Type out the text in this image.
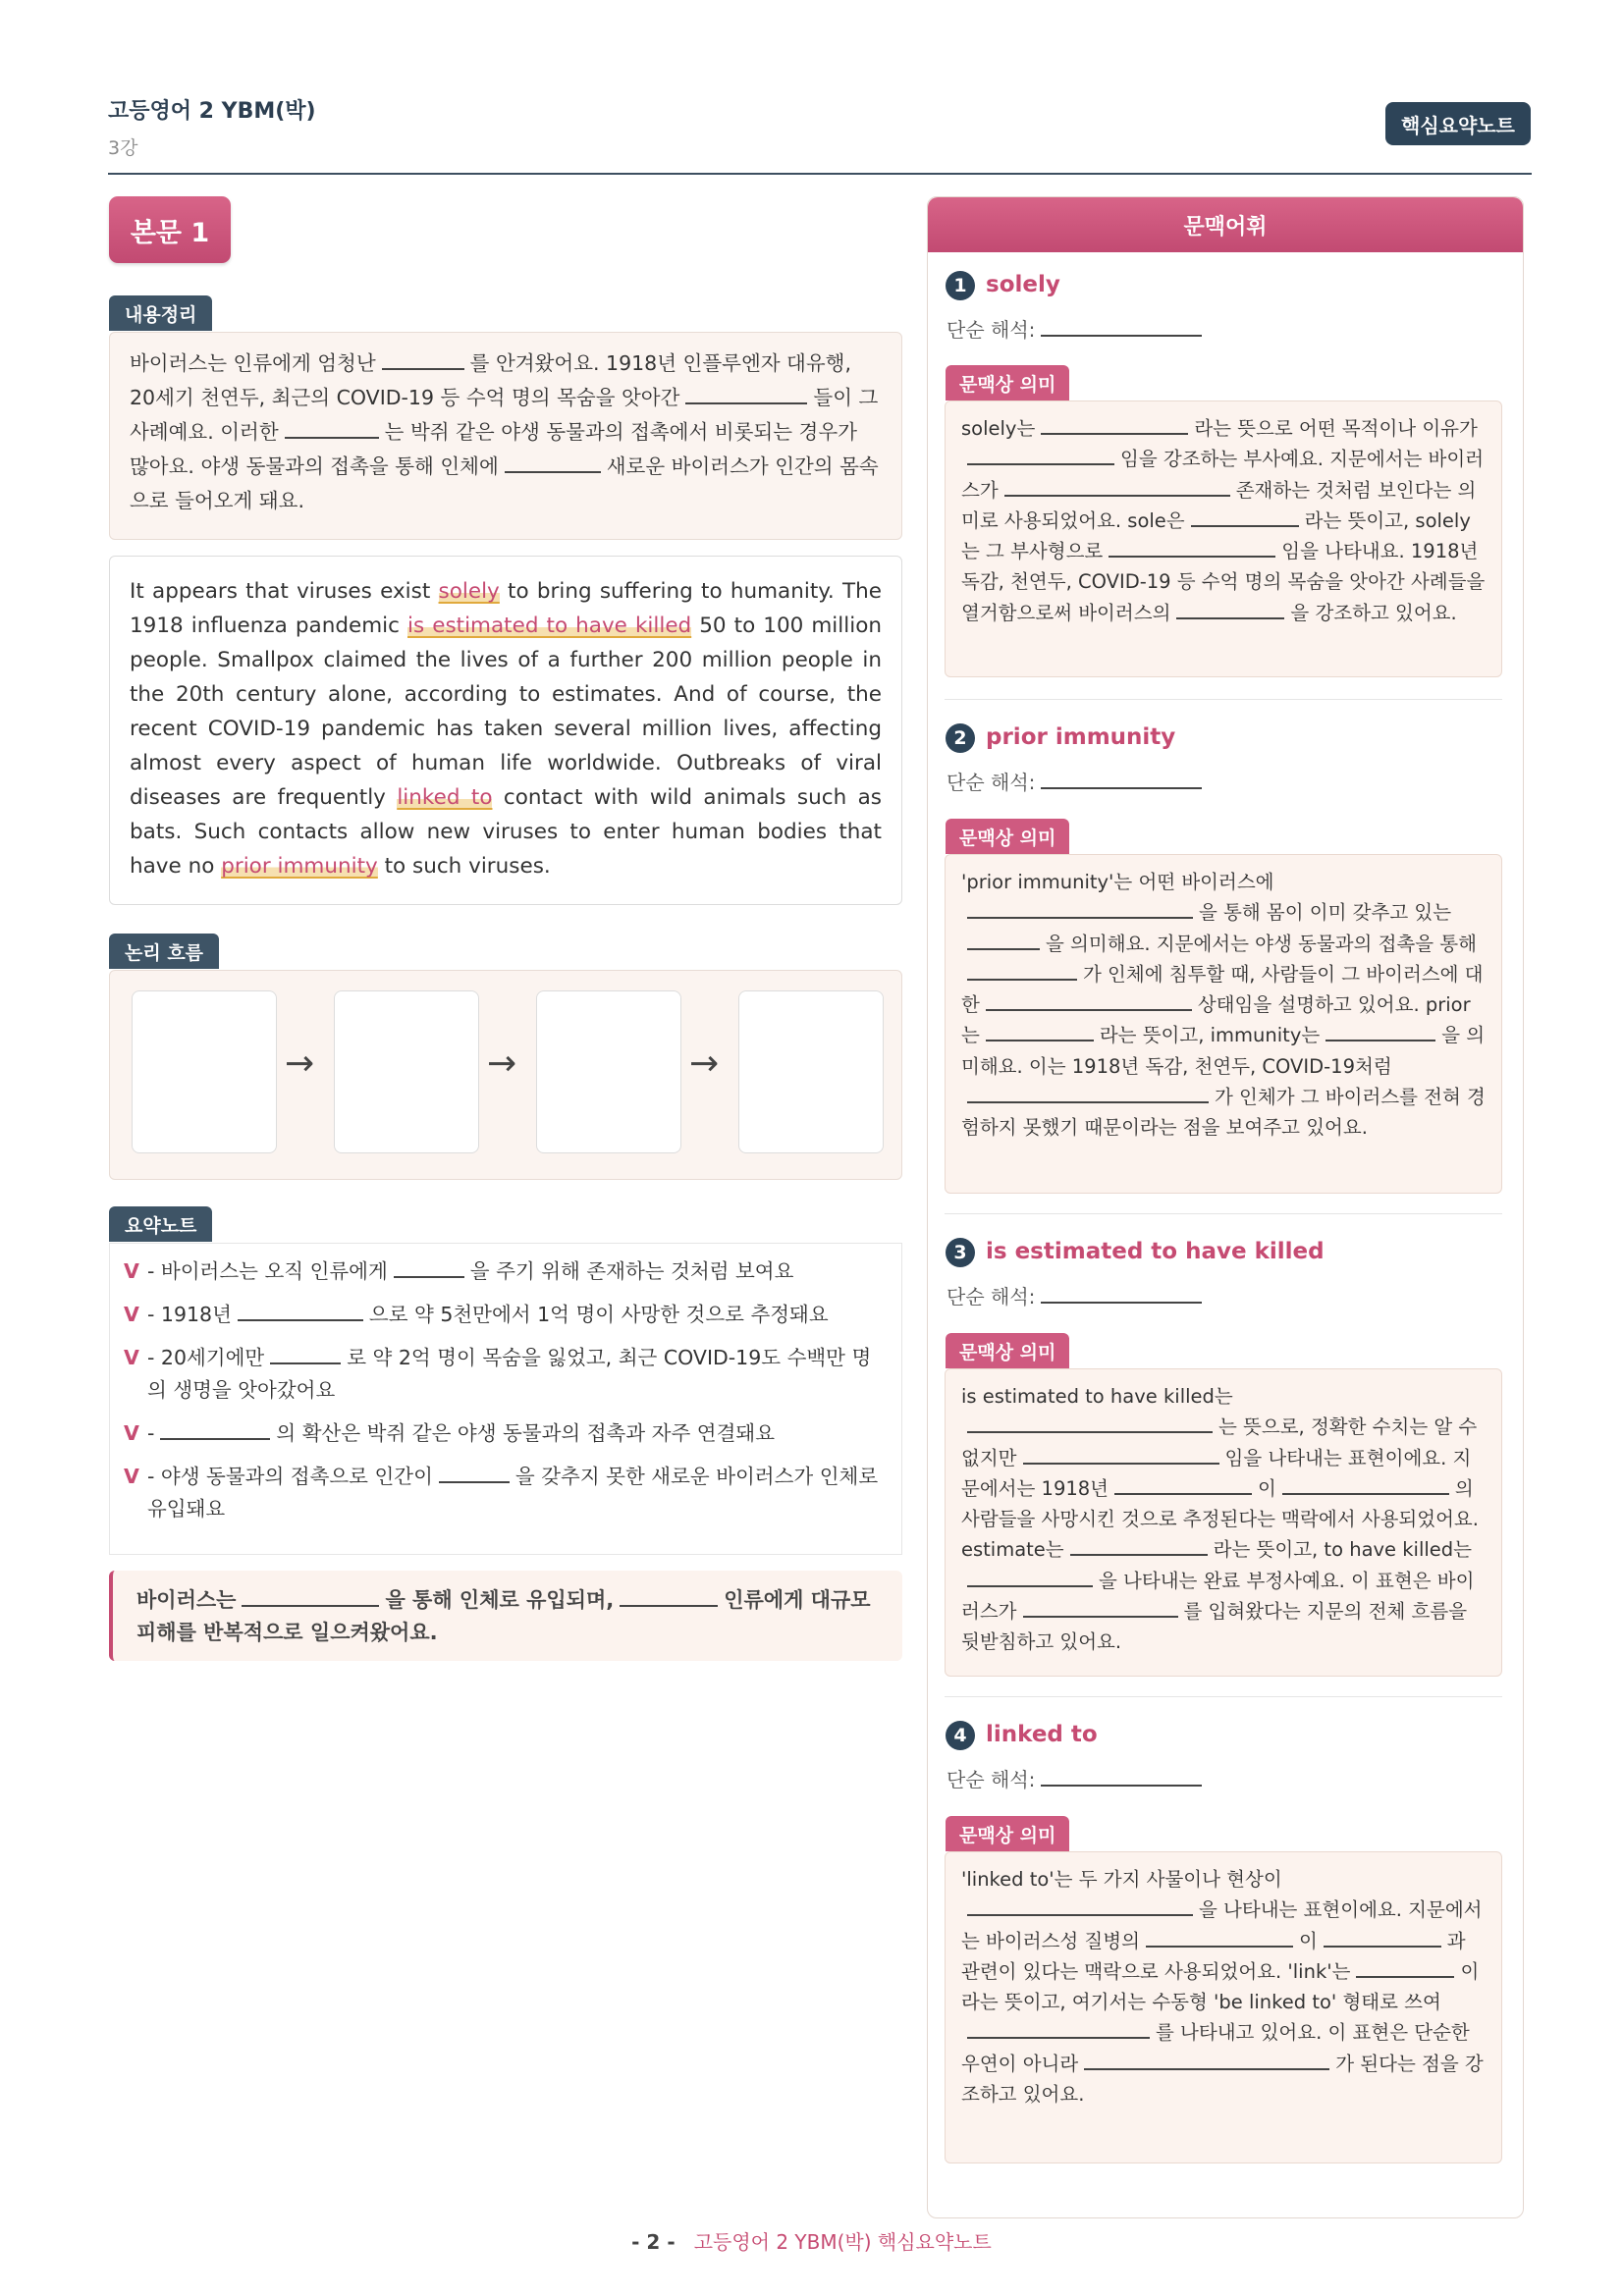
고등영어 2 YBM(박)
3강
핵심요약노트
본문 1
내용정리
바이러스는 인류에게 엄청난	를 안겨왔어요. 1918년 인플루엔자 대유행, 20세기 천연두, 최근의 COVID-19 등 수억 명의 목숨을 앗아간	들이 그 사례예요. 이러한	는 박쥐 같은 야생 동물과의 접촉에서 비롯되는 경우가 많아요. 야생 동물과의 접촉을 통해 인체에	새로운 바이러스가 인간의 몸속으로 들어오게 돼요.
It appears that viruses exist solely to bring suffering to humanity. The 1918 influenza pandemic is estimated to have killed 50 to 100 million people. Smallpox claimed the lives of a further 200 million people in the 20th century alone, according to estimates. And of course, the recent COVID-19 pandemic has taken several million lives, affecting almost every aspect of human life worldwide. Outbreaks of viral diseases are frequently linked to contact with wild animals such as bats. Such contacts allow new viruses to enter human bodies that have no prior immunity to such viruses.
논리 흐름
→	→	→
요약노트
V - 바이러스는 오직 인류에게	을 주기 위해 존재하는 것처럼 보여요
V - 1918년	으로 약 5천만에서 1억 명이 사망한 것으로 추정돼요
V - 20세기에만	로 약 2억 명이 목숨을 잃었고, 최근 COVID-19도 수백만 명의 생명을 앗아갔어요
V -	의 확산은 박쥐 같은 야생 동물과의 접촉과 자주 연결돼요
V - 야생 동물과의 접촉으로 인간이	을 갖추지 못한 새로운 바이러스가 인체로 유입돼요
바이러스는	을 통해 인체로 유입되며,	인류에게 대규모 피해를 반복적으로 일으켜왔어요.
문맥어휘
1 solely
단순 해석:
문맥상 의미
solely는	라는 뜻으로 어떤 목적이나 이유가임을 강조하는 부사예요. 지문에서는 바이러스가	존재하는 것처럼 보인다는 의미로 사용되었어요. sole은	라는 뜻이고, solely는 그 부사형으로	임을 나타내요. 1918년 독감, 천연두, COVID-19 등 수억 명의 목숨을 앗아간 사례들을 열거함으로써 바이러스의	을 강조하고 있어요.
2 prior immunity
단순 해석:
문맥상 의미
'prior immunity'는 어떤 바이러스에을 통해 몸이 이미 갖추고 있는을 의미해요. 지문에서는 야생 동물과의 접촉을 통해가 인체에 침투할 때, 사람들이 그 바이러스에 대한	상태임을 설명하고 있어요. prior는	라는 뜻이고, immunity는	을 의미해요. 이는 1918년 독감, 천연두, COVID-19처럼가 인체가 그 바이러스를 전혀 경험하지 못했기 때문이라는 점을 보여주고 있어요.
3 is estimated to have killed
단순 해석:
문맥상 의미
is estimated to have killed는는 뜻으로, 정확한 수치는 알 수 없지만	임을 나타내는 표현이에요. 지문에서는 1918년	이	의 사람들을 사망시킨 것으로 추정된다는 맥락에서 사용되었어요. estimate는	라는 뜻이고, to have killed는을 나타내는 완료 부정사예요. 이 표현은 바이러스가	를 입혀왔다는 지문의 전체 흐름을 뒷받침하고 있어요.
4 linked to
단순 해석:
문맥상 의미
'linked to'는 두 가지 사물이나 현상이을 나타내는 표현이에요. 지문에서는 바이러스성 질병의	이	과 관련이 있다는 맥락으로 사용되었어요. 'link'는	이라는 뜻이고, 여기서는 수동형 'be linked to' 형태로 쓰여를 나타내고 있어요. 이 표현은 단순한 우연이 아니라	가 된다는 점을 강조하고 있어요.
- 2 - 고등영어 2 YBM(박) 핵심요약노트
